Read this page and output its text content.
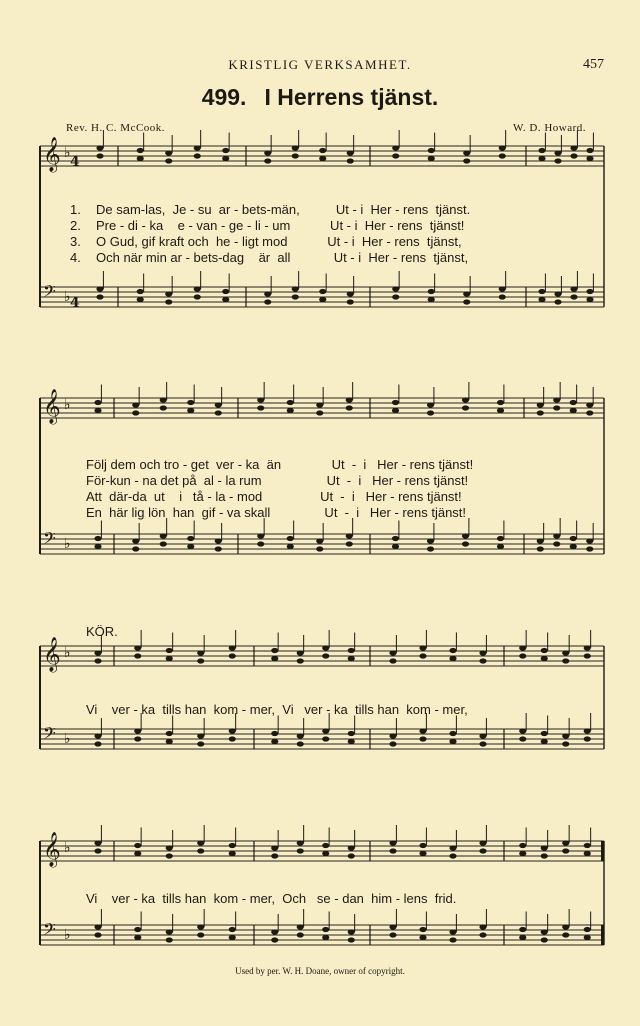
KRISTLIG VERKSAMHET.	457
499. I Herrens tjänst.
Rev. H. C. McCook.	W. D. Howard.
𝄞 ♭
𝄢 ♭
𝄞 ♭
𝄢 ♭
𝄞 ♭
𝄢 ♭
𝄞 ♭
𝄢 ♭
4
4
1. De sam-las,  Je - su  ar - bets-män,          Ut - i  Her - rens  tjänst.
2. Pre - di - ka    e - van - ge - li - um           Ut - i  Her - rens  tjänst!
3. O Gud, gif kraft och  he - ligt mod           Ut - i  Her - rens  tjänst,
4. Och när min ar - bets-dag    är  all            Ut - i  Her - rens  tjänst,
Följ dem och tro - get  ver - ka  än              Ut  -  i   Her - rens tjänst!
För-kun - na det på  al - la rum                  Ut  -  i   Her - rens tjänst!
Att  där-da  ut    i   tå - la - mod                Ut  -  i   Her - rens tjänst!
En  här lig lön  han  gif - va skall               Ut  -  i   Her - rens tjänst!
KÖR.
Vi    ver - ka  tills han  kom - mer,  Vi   ver - ka  tills han  kom - mer,
Vi    ver - ka  tills han  kom - mer,  Och   se - dan  him - lens  frid.
Used by per. W. H. Doane, owner of copyright.
